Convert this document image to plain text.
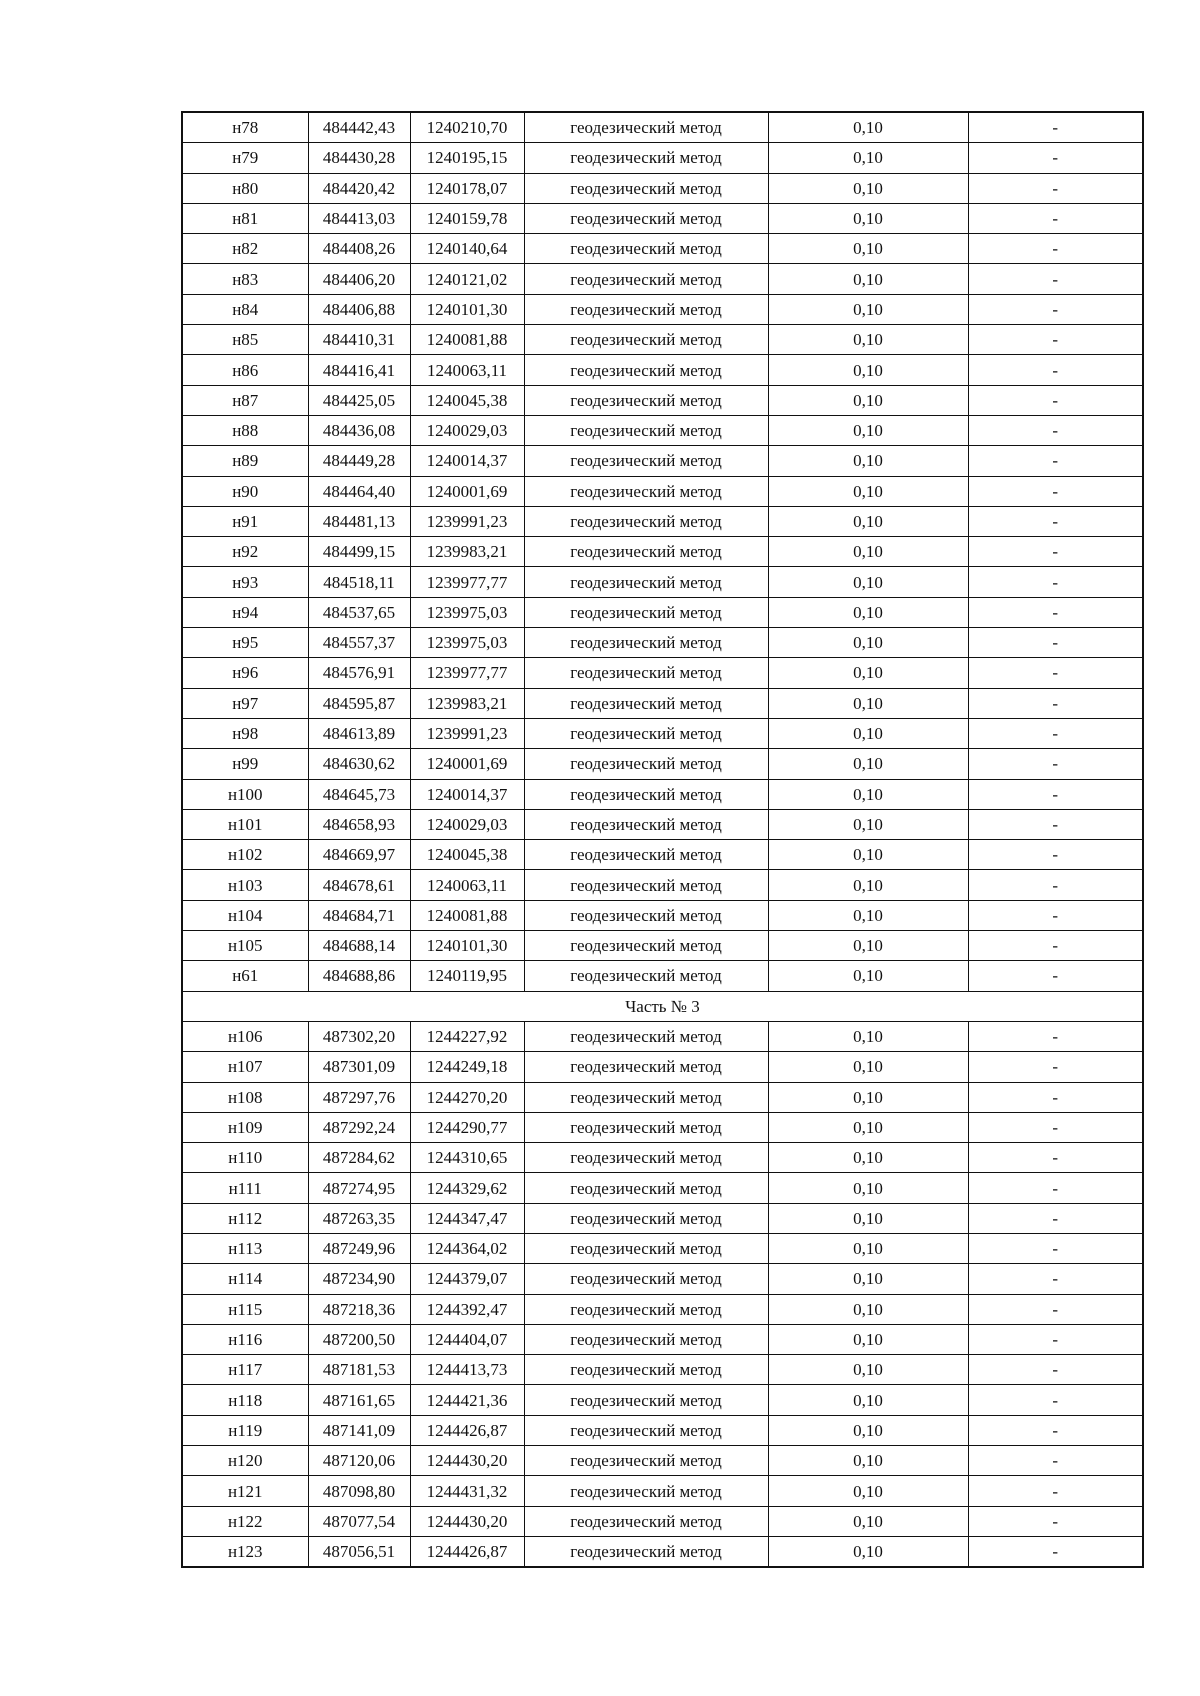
н78	484442,43	1240210,70	геодезический метод	0,10	-
н79	484430,28	1240195,15	геодезический метод	0,10	-
н80	484420,42	1240178,07	геодезический метод	0,10	-
н81	484413,03	1240159,78	геодезический метод	0,10	-
н82	484408,26	1240140,64	геодезический метод	0,10	-
н83	484406,20	1240121,02	геодезический метод	0,10	-
н84	484406,88	1240101,30	геодезический метод	0,10	-
н85	484410,31	1240081,88	геодезический метод	0,10	-
н86	484416,41	1240063,11	геодезический метод	0,10	-
н87	484425,05	1240045,38	геодезический метод	0,10	-
н88	484436,08	1240029,03	геодезический метод	0,10	-
н89	484449,28	1240014,37	геодезический метод	0,10	-
н90	484464,40	1240001,69	геодезический метод	0,10	-
н91	484481,13	1239991,23	геодезический метод	0,10	-
н92	484499,15	1239983,21	геодезический метод	0,10	-
н93	484518,11	1239977,77	геодезический метод	0,10	-
н94	484537,65	1239975,03	геодезический метод	0,10	-
н95	484557,37	1239975,03	геодезический метод	0,10	-
н96	484576,91	1239977,77	геодезический метод	0,10	-
н97	484595,87	1239983,21	геодезический метод	0,10	-
н98	484613,89	1239991,23	геодезический метод	0,10	-
н99	484630,62	1240001,69	геодезический метод	0,10	-
н100	484645,73	1240014,37	геодезический метод	0,10	-
н101	484658,93	1240029,03	геодезический метод	0,10	-
н102	484669,97	1240045,38	геодезический метод	0,10	-
н103	484678,61	1240063,11	геодезический метод	0,10	-
н104	484684,71	1240081,88	геодезический метод	0,10	-
н105	484688,14	1240101,30	геодезический метод	0,10	-
н61	484688,86	1240119,95	геодезический метод	0,10	-
Часть № 3					
н106	487302,20	1244227,92	геодезический метод	0,10	-
н107	487301,09	1244249,18	геодезический метод	0,10	-
н108	487297,76	1244270,20	геодезический метод	0,10	-
н109	487292,24	1244290,77	геодезический метод	0,10	-
н110	487284,62	1244310,65	геодезический метод	0,10	-
н111	487274,95	1244329,62	геодезический метод	0,10	-
н112	487263,35	1244347,47	геодезический метод	0,10	-
н113	487249,96	1244364,02	геодезический метод	0,10	-
н114	487234,90	1244379,07	геодезический метод	0,10	-
н115	487218,36	1244392,47	геодезический метод	0,10	-
н116	487200,50	1244404,07	геодезический метод	0,10	-
н117	487181,53	1244413,73	геодезический метод	0,10	-
н118	487161,65	1244421,36	геодезический метод	0,10	-
н119	487141,09	1244426,87	геодезический метод	0,10	-
н120	487120,06	1244430,20	геодезический метод	0,10	-
н121	487098,80	1244431,32	геодезический метод	0,10	-
н122	487077,54	1244430,20	геодезический метод	0,10	-
н123	487056,51	1244426,87	геодезический метод	0,10	-
